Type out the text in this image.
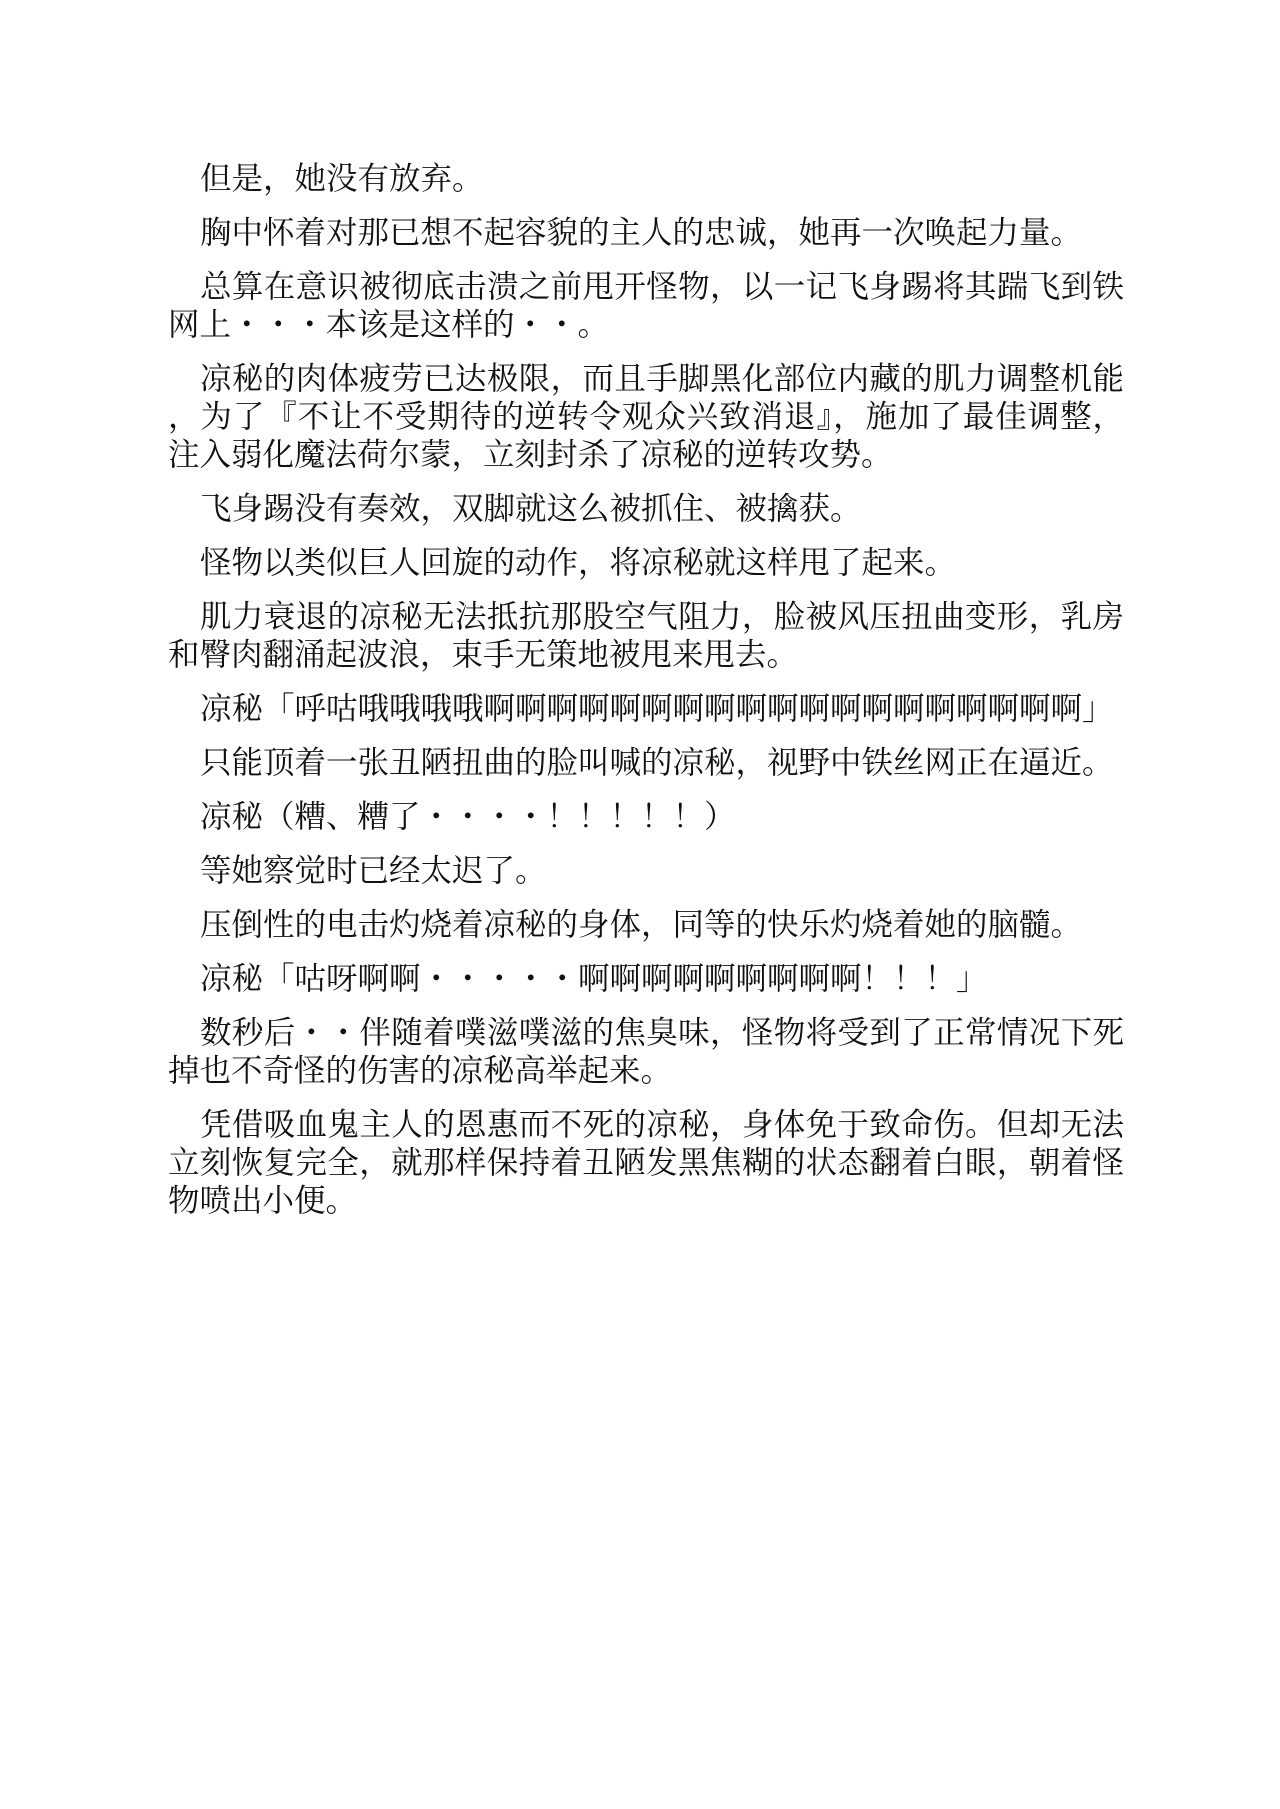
但是，她没有放弃。

胸中怀着对那已想不起容貌的主人的忠诚，她再一次唤起力量。

总算在意识被彻底击溃之前甩开怪物，以一记飞身踢将其踹飞到铁网上・・・本该是这样的・・。

凉秘的肉体疲劳已达极限，而且手脚黑化部位内藏的肌力调整机能，为了『不让不受期待的逆转令观众兴致消退』，施加了最佳调整，注入弱化魔法荷尔蒙，立刻封杀了凉秘的逆转攻势。

飞身踢没有奏效，双脚就这么被抓住、被擒获。

怪物以类似巨人回旋的动作，将凉秘就这样甩了起来。

肌力衰退的凉秘无法抵抗那股空气阻力，脸被风压扭曲变形，乳房和臀肉翻涌起波浪，束手无策地被甩来甩去。

凉秘「呼咕哦哦哦哦啊啊啊啊啊啊啊啊啊啊啊啊啊啊啊啊啊啊啊」

只能顶着一张丑陋扭曲的脸叫喊的凉秘，视野中铁丝网正在逼近。

凉秘（糟、糟了・・・・！！！！！）

等她察觉时已经太迟了。

压倒性的电击灼烧着凉秘的身体，同等的快乐灼烧着她的脑髓。

凉秘「咕呀啊啊・・・・・啊啊啊啊啊啊啊啊啊！！！」

数秒后・・伴随着噗滋噗滋的焦臭味，怪物将受到了正常情况下死掉也不奇怪的伤害的凉秘高举起来。

凭借吸血鬼主人的恩惠而不死的凉秘，身体免于致命伤。但却无法立刻恢复完全，就那样保持着丑陋发黑焦糊的状态翻着白眼，朝着怪物喷出小便。
